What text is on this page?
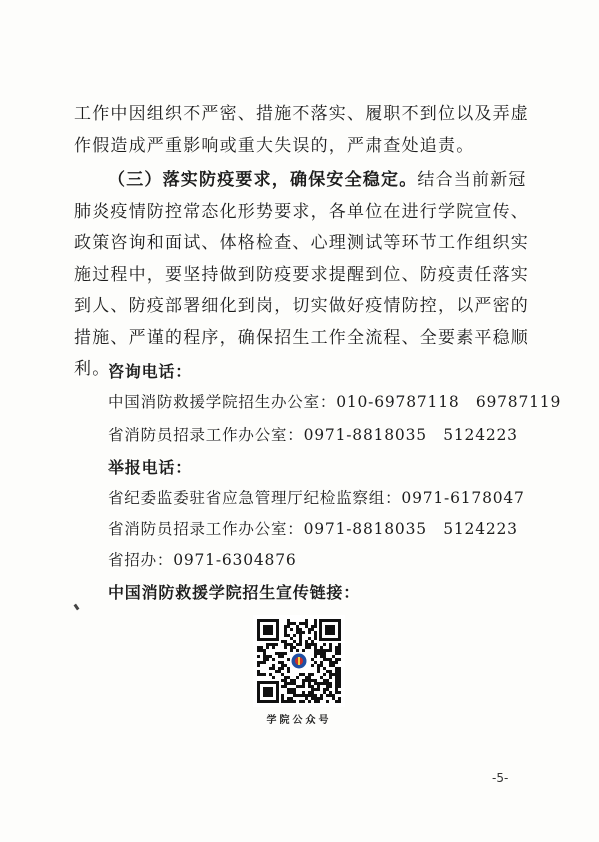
工作中因组织不严密、措施不落实、履职不到位以及弄虚作假造成严重影响或重大失误的，严肃查处追责。

（三）落实防疫要求，确保安全稳定。结合当前新冠肺炎疫情防控常态化形势要求，各单位在进行学院宣传、政策咨询和面试、体格检查、心理测试等环节工作组织实施过程中，要坚持做到防疫要求提醒到位、防疫责任落实到人、防疫部署细化到岗，切实做好疫情防控，以严密的措施、严谨的程序，确保招生工作全流程、全要素平稳顺利。

咨询电话：
中国消防救援学院招生办公室：010-69787118　69787119
省消防员招录工作办公室：0971-8818035　5124223
举报电话：
省纪委监委驻省应急管理厅纪检监察组：0971-6178047
省消防员招录工作办公室：0971-8818035　5124223
省招办：0971-6304876
中国消防救援学院招生宣传链接：
学院公众号
-5-
